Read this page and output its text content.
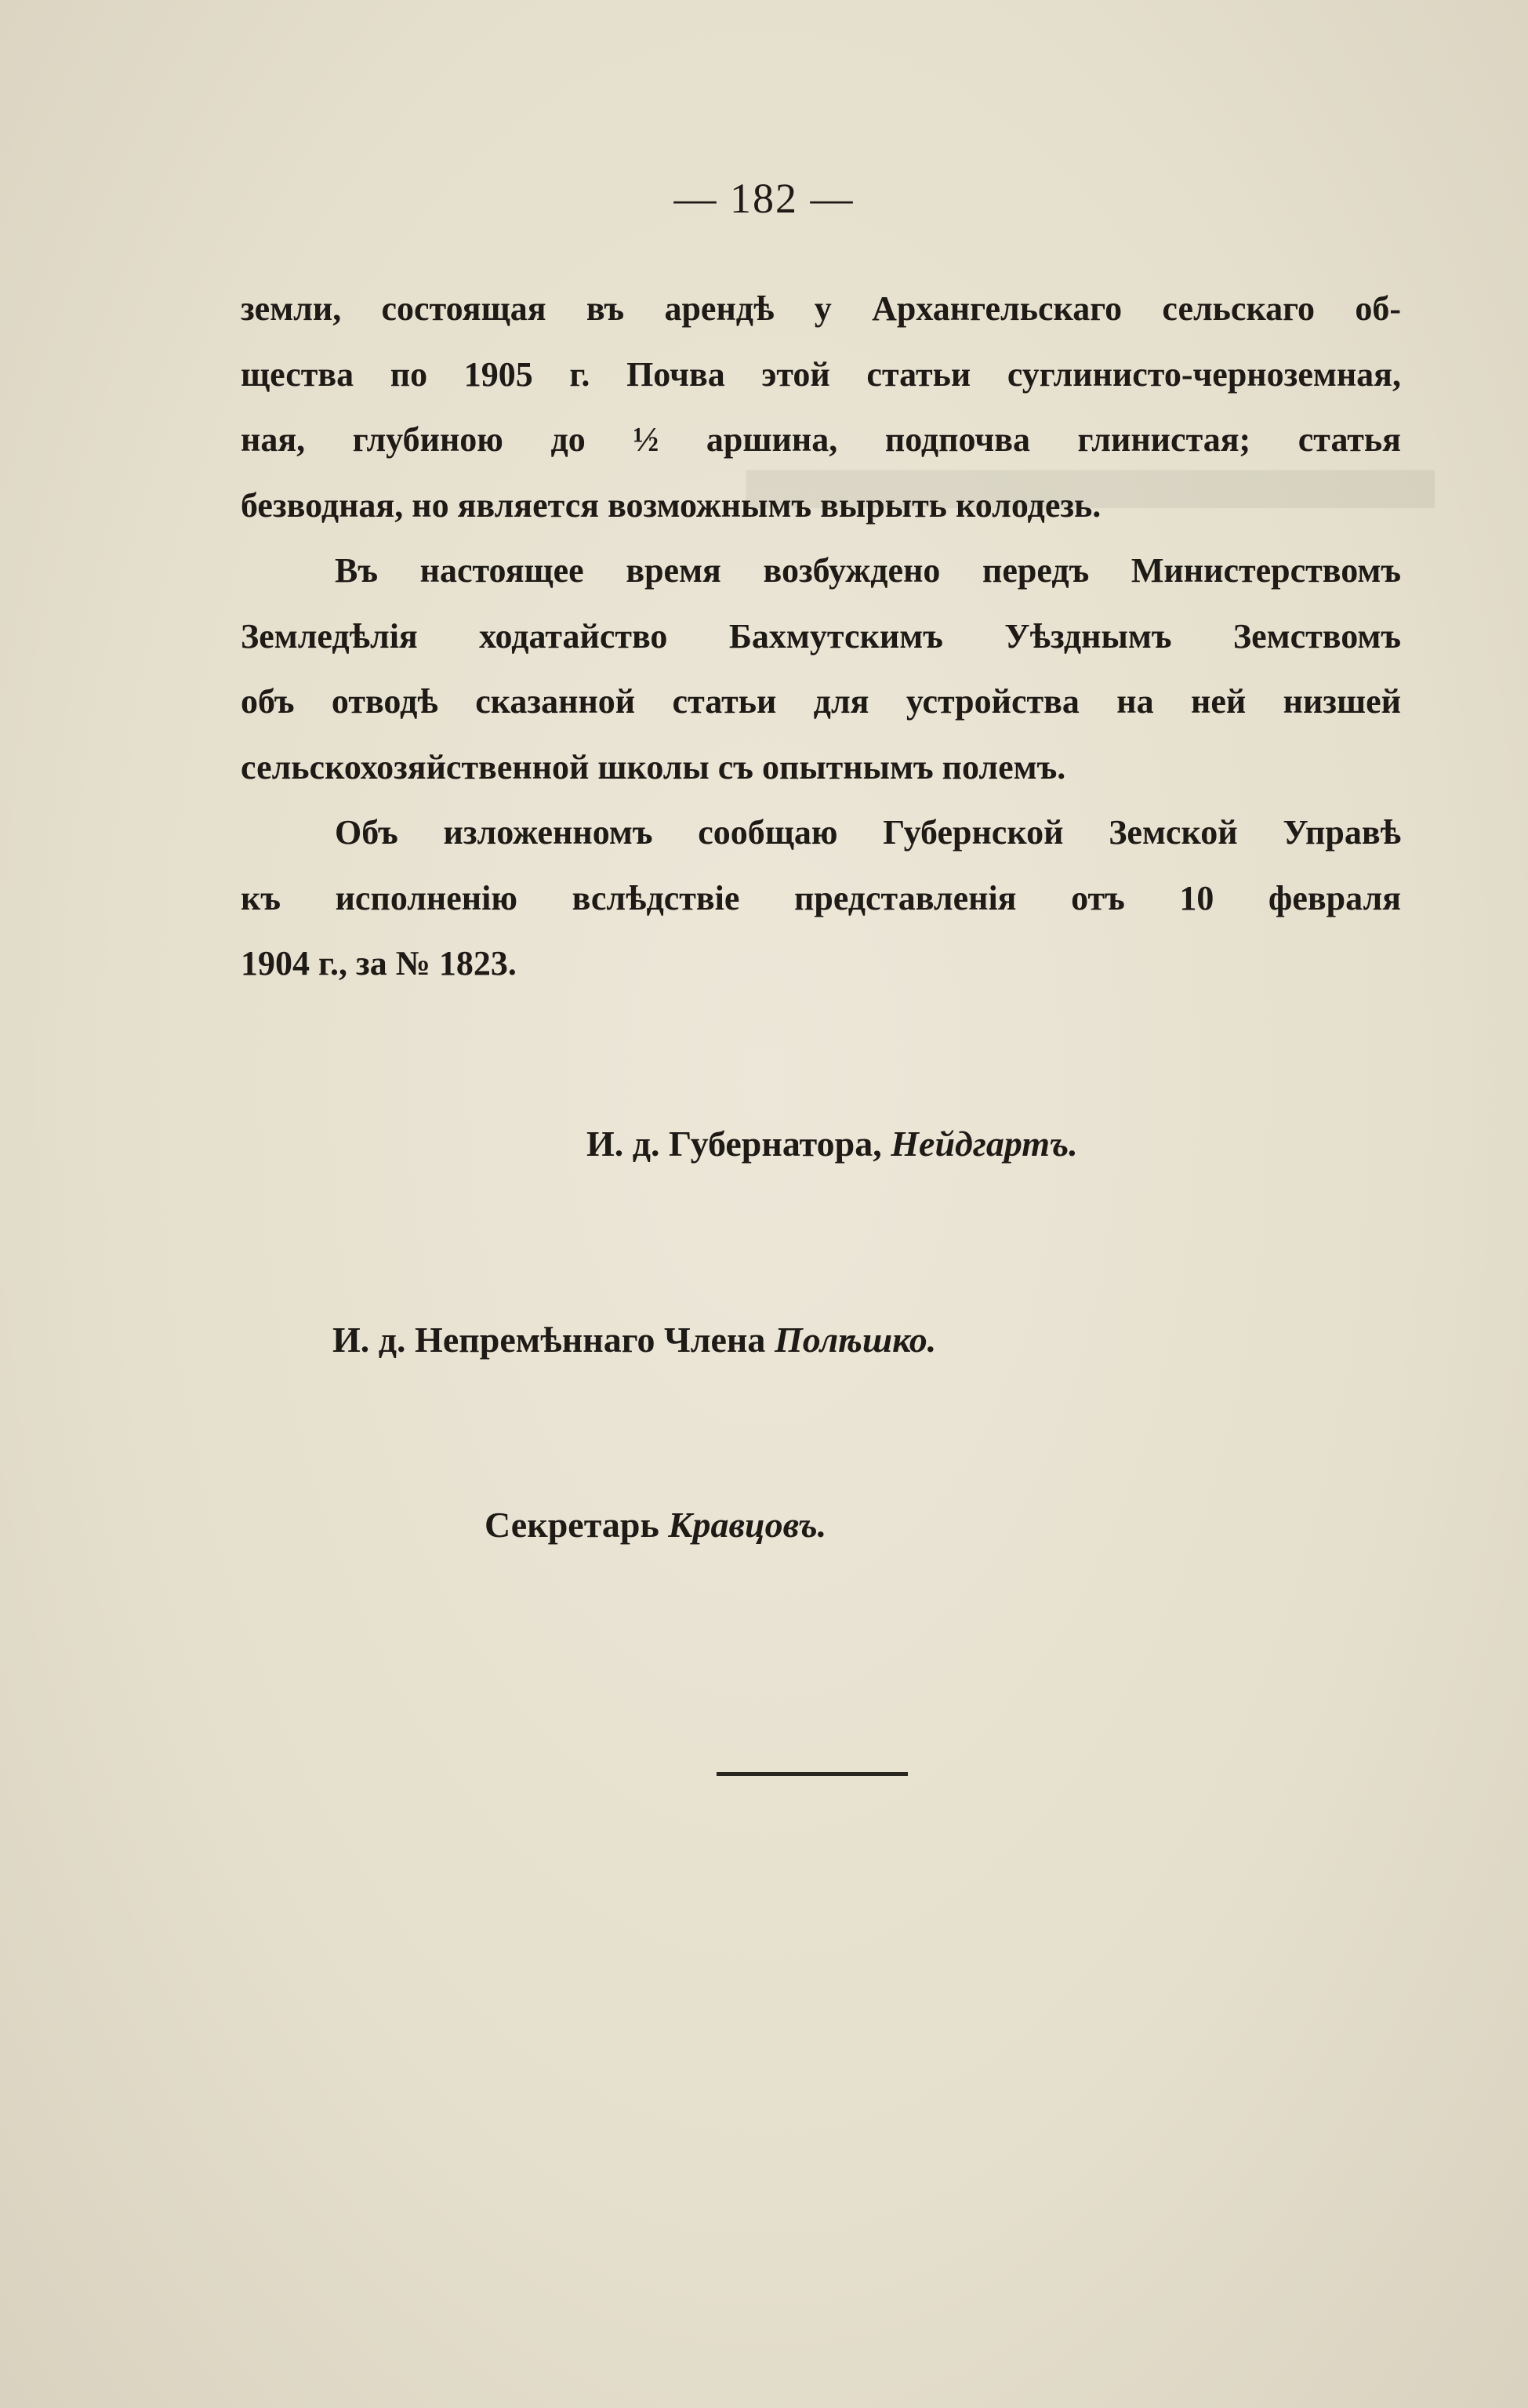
███████████████████████████████

— 182 —
земли, состоящая въ арендѣ у Архангельскаго сельскаго об-
щества по 1905 г. Почва этой статьи суглинисто-черноземная,
ная, глубиною до ½ аршина, подпочва глинистая; статья
безводная, но является возможнымъ вырыть колодезь.
Въ настоящее время возбуждено передъ Министерствомъ
Земледѣлія ходатайство Бахмутскимъ Уѣзднымъ Земствомъ
объ отводѣ сказанной статьи для устройства на ней низшей
сельскохозяйственной школы съ опытнымъ полемъ.
Объ изложенномъ сообщаю Губернской Земской Управѣ
къ исполненію вслѣдствіе представленія отъ 10 февраля
1904 г., за № 1823.
И. д. Губернатора, Нейдгартъ.
И. д. Непремѣннаго Члена Полѣшко.
Секретарь Кравцовъ.
